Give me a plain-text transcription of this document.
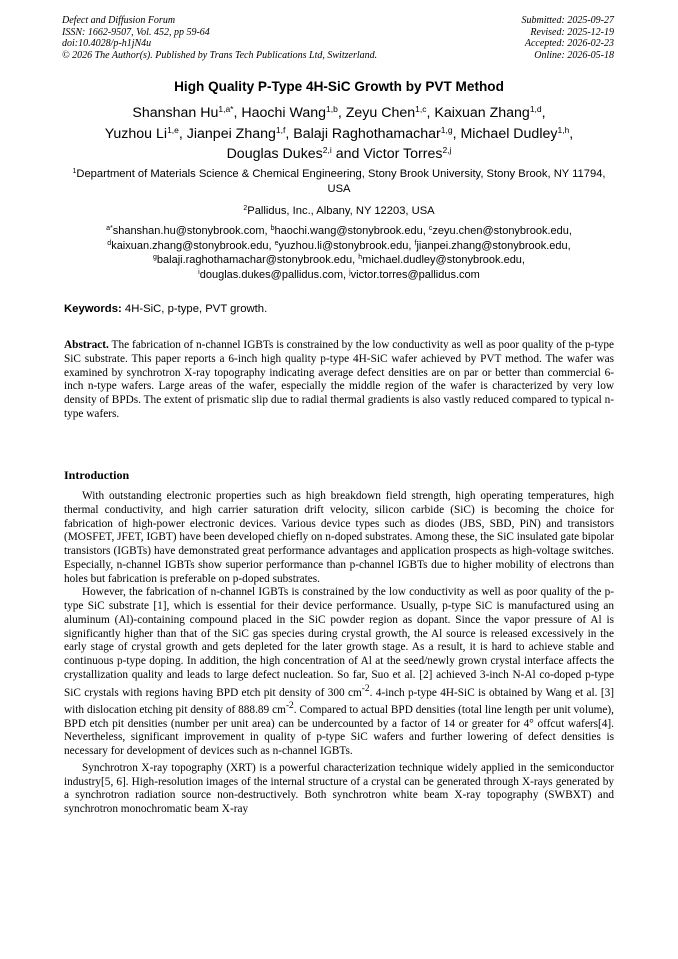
Defect and Diffusion Forum
ISSN: 1662-9507, Vol. 452, pp 59-64
doi:10.4028/p-h1jN4u
© 2026 The Author(s). Published by Trans Tech Publications Ltd, Switzerland.
Submitted: 2025-09-27
Revised: 2025-12-19
Accepted: 2026-02-23
Online: 2026-05-18
High Quality P-Type 4H-SiC Growth by PVT Method
Shanshan $Hu^{1,a*}$, Haochi Wang$^{1,b}$, Zeyu Chen$^{1,c}$, Kaixuan Zhang$^{1,d}$,
Yuzhou Li$^{1,e}$, Jianpei Zhang$^{1,f}$, Balaji Raghothamachar$^{1,g}$, Michael Dudley$^{1,h}$,
Douglas Dukes$^{2,i}$ and Victor Torres$^{2,j}$
$^1$Department of Materials Science & Chemical Engineering, Stony Brook University, Stony Brook, NY 11794, USA
$^2$Pallidus, Inc., Albany, NY 12203, USA
$^{a*}$shanshan.hu@stonybrook.com, $^b$haochi.wang@stonybrook.edu, $^c$zeyu.chen@stonybrook.edu,
$^d$kaixuan.zhang@stonybrook.edu, $^e$yuzhou.li@stonybrook.edu, $^f$jianpei.zhang@stonybrook.edu,
$^g$balaji.raghothamachar@stonybrook.edu, $^h$michael.dudley@stonybrook.edu,
$^i$douglas.dukes@pallidus.com, $^j$victor.torres@pallidus.com
Keywords: 4H-SiC, p-type, PVT growth.
Abstract. The fabrication of n-channel IGBTs is constrained by the low conductivity as well as poor quality of the p-type SiC substrate. This paper reports a 6-inch high quality p-type 4H-SiC wafer achieved by PVT method. The wafer was examined by synchrotron X-ray topography indicating average defect densities are on par or better than commercial 6-inch n-type wafers. Large areas of the wafer, especially the middle region of the wafer is characterized by very low density of BPDs. The extent of prismatic slip due to radial thermal gradients is also vastly reduced compared to typical n-type wafers.
Introduction

With outstanding electronic properties such as high breakdown field strength, high operating temperatures, high thermal conductivity, and high carrier saturation drift velocity, silicon carbide (SiC) is becoming the choice for fabrication of high-power electronic devices. Various device types such as diodes (JBS, SBD, PiN) and transistors (MOSFET, JFET, IGBT) have been developed chiefly on n-doped substrates. Among these, the SiC insulated gate bipolar transistors (IGBTs) have demonstrated great performance advantages and application prospects as high-voltage switches. Especially, n-channel IGBTs show superior performance than p-channel IGBTs due to higher mobility of electrons than holes but fabrication is preferable on p-doped substrates.

However, the fabrication of n-channel IGBTs is constrained by the low conductivity as well as poor quality of the p-type SiC substrate [1], which is essential for their device performance. Usually, p-type SiC is manufactured using an aluminum (Al)-containing compound placed in the SiC powder region as dopant. Since the vapor pressure of Al is significantly higher than that of the SiC gas species during crystal growth, the Al source is released excessively in the early stage of crystal growth and gets depleted for the later growth stage. As a result, it is hard to achieve stable and continuous p-type doping. In addition, the high concentration of Al at the seed/newly grown crystal interface affects the crystallization quality and leads to large defect nucleation. So far, Suo et al. [2] achieved 3-inch N-Al co-doped p-type SiC crystals with regions having BPD etch pit density of 300 $cm^{-2}$. 4-inch p-type 4H-SiC is obtained by Wang et al. [3] with dislocation etching pit density of 888.89 $cm^{-2}$. Compared to actual BPD densities (total line length per unit volume), BPD etch pit densities (number per unit area) can be undercounted by a factor of 14 or greater for 4° offcut wafers[4]. Nevertheless, significant improvement in quality of p-type SiC wafers and further lowering of defect densities is necessary for development of devices such as n-channel IGBTs.

Synchrotron X-ray topography (XRT) is a powerful characterization technique widely applied in the semiconductor industry[5, 6]. High-resolution images of the internal structure of a crystal can be generated through X-rays generated by a synchrotron radiation source non-destructively. Both synchrotron white beam X-ray topography (SWBXT) and synchrotron monochromatic beam X-ray
